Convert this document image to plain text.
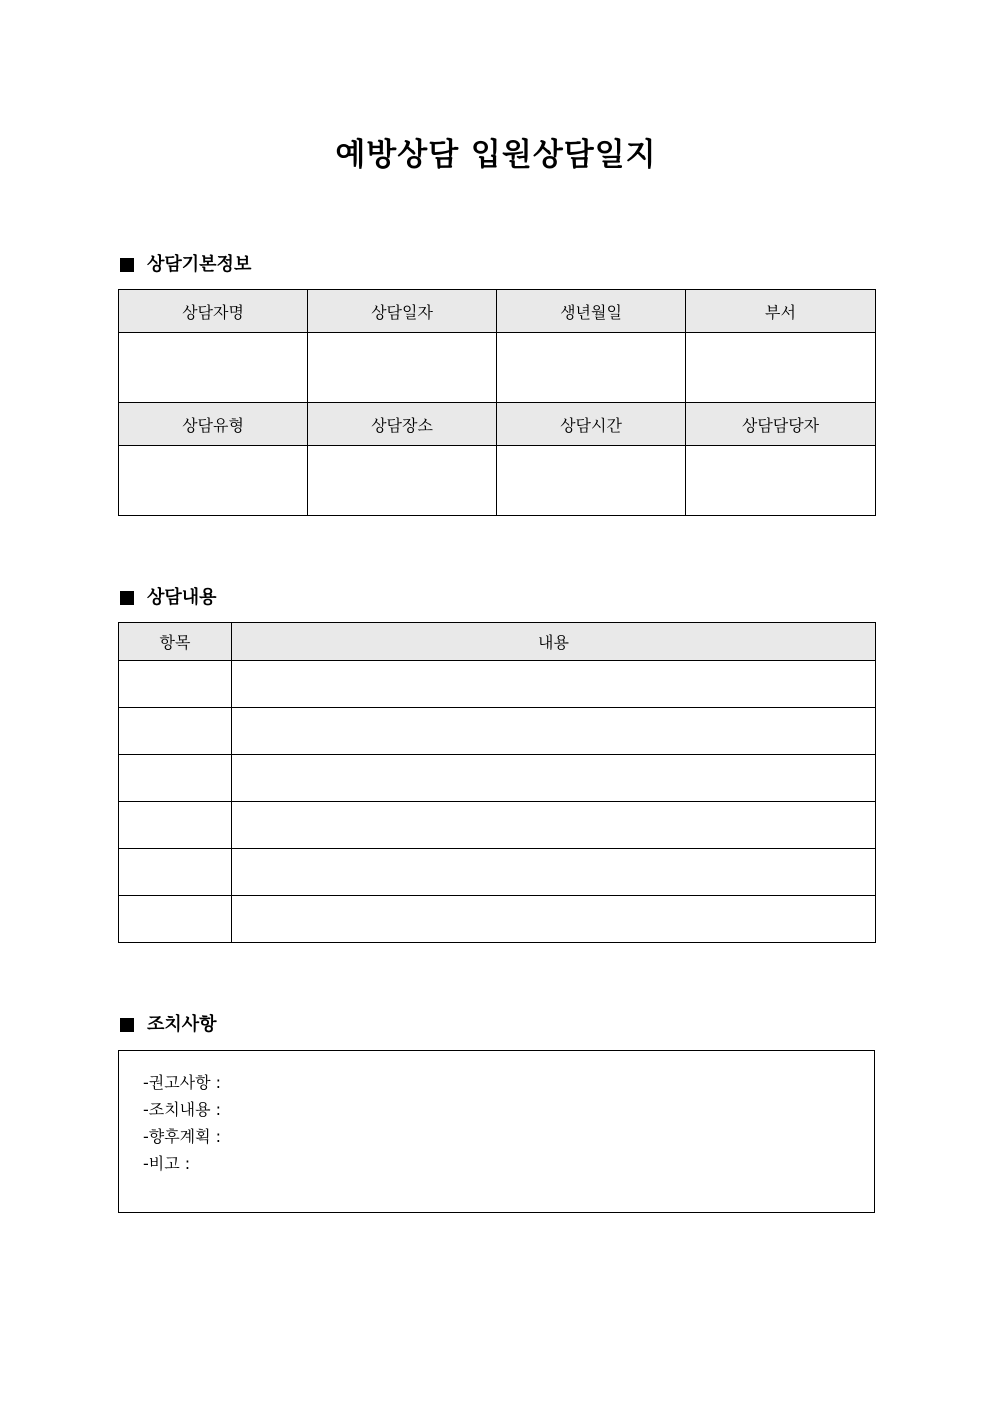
예방상담 입원상담일지
상담기본정보
상담자명	상담일자	생년월일	부서

상담유형	상담장소	상담시간	상담담당자

상담내용
항목	내용

조치사항
-권고사항 :
-조치내용 :
-향후계획 :
-비고 :
